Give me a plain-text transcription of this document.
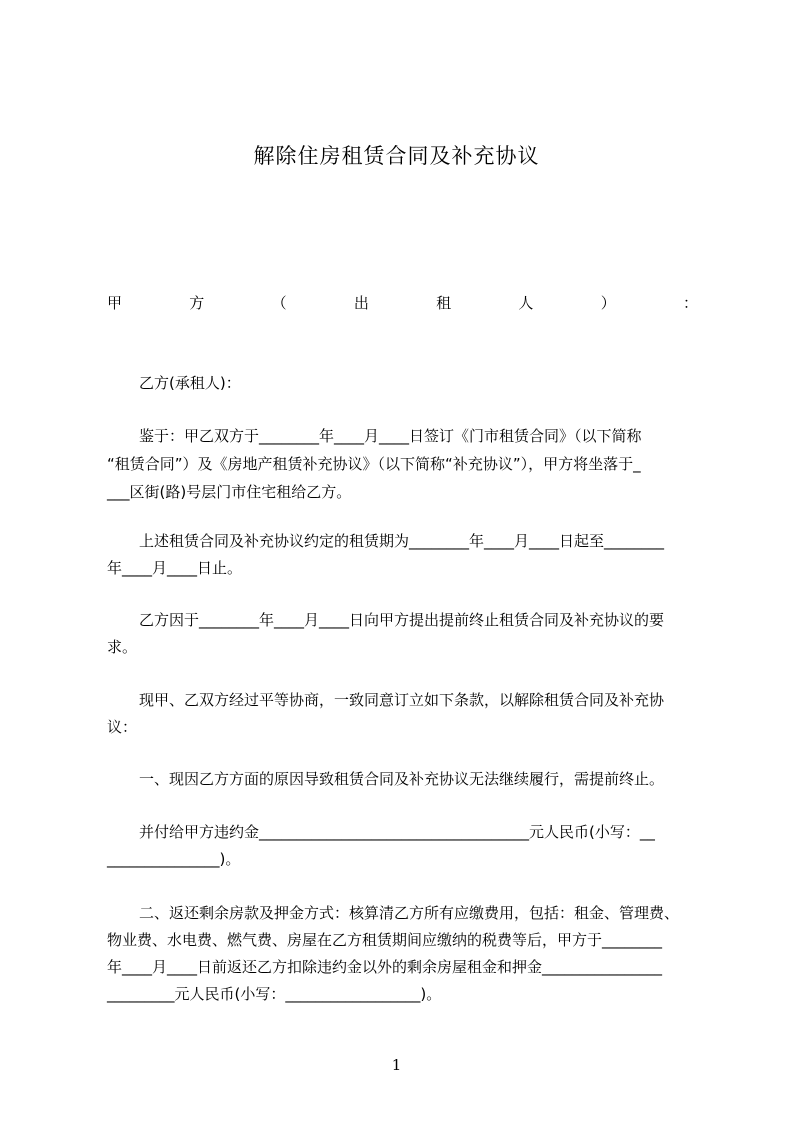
解除住房租赁合同及补充协议
甲	方	（	出	租	人	）	：
乙方(承租人)：
鉴于：甲乙双方于________年____月____日签订《门市租赁合同》（以下简称
“租赁合同”）及《房地产租赁补充协议》（以下简称“补充协议”），甲方将坐落于_
___区街(路)号层门市住宅租给乙方。
上述租赁合同及补充协议约定的租赁期为________年____月____日起至________
年____月____日止。
乙方因于________年____月____日向甲方提出提前终止租赁合同及补充协议的要
求。
现甲、乙双方经过平等协商，一致同意订立如下条款，以解除租赁合同及补充协
议：
一、现因乙方方面的原因导致租赁合同及补充协议无法继续履行，需提前终止。
并付给甲方违约金____________________________________元人民币(小写：__
_______________)。
二、返还剩余房款及押金方式：核算清乙方所有应缴费用，包括：租金、管理费、
物业费、水电费、燃气费、房屋在乙方租赁期间应缴纳的税费等后，甲方于________
年____月____日前返还乙方扣除违约金以外的剩余房屋租金和押金________________
_________元人民币(小写：__________________)。
1
